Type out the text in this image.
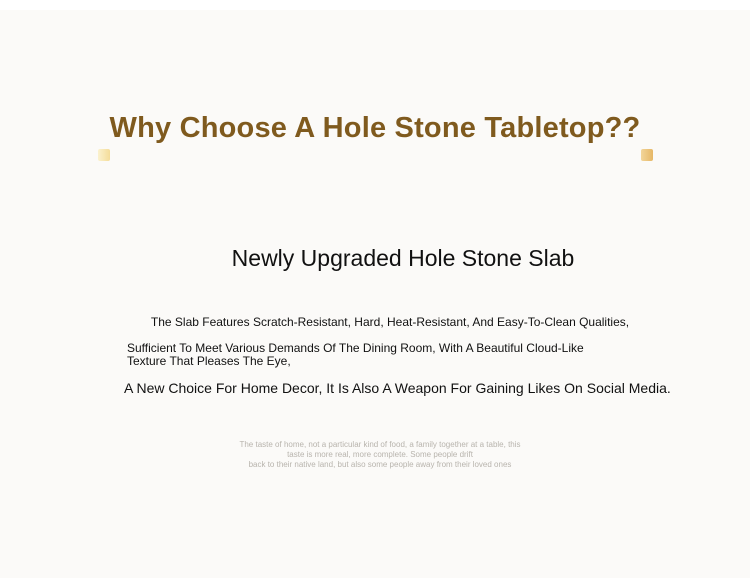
Why Choose A Hole Stone Tabletop??
Newly Upgraded Hole Stone Slab

The Slab Features Scratch-Resistant, Hard, Heat-Resistant, And Easy-To-Clean Qualities,

Sufficient To Meet Various Demands Of The Dining Room, With A Beautiful Cloud-Like Texture That Pleases The Eye,

A New Choice For Home Decor, It Is Also A Weapon For Gaining Likes On Social Media.

The taste of home, not a particular kind of food, a family together at a table, this
taste is more real, more complete. Some people drift
back to their native land, but also some people away from their loved ones
